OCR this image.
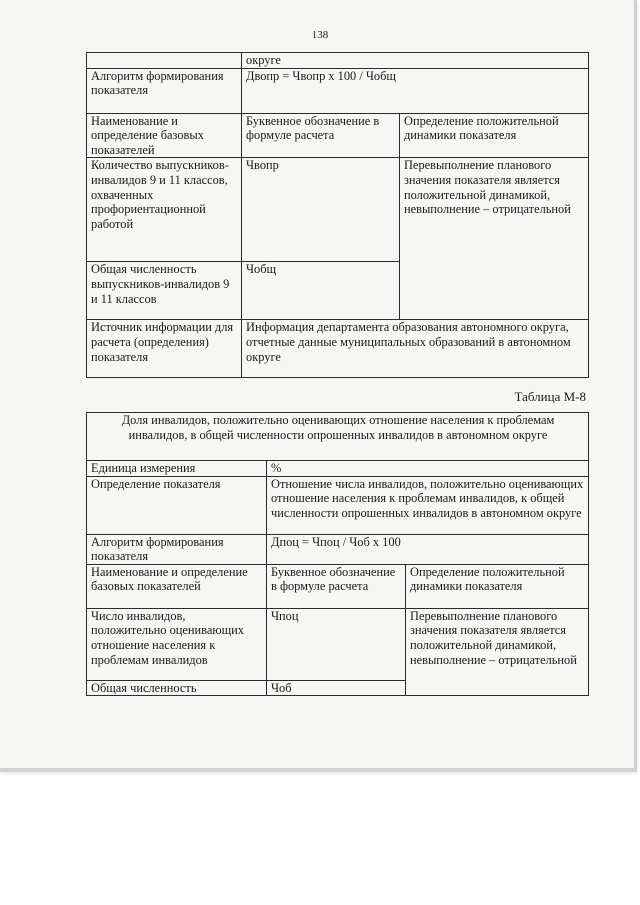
138
	округе	
Алгоритм формирования показателя	Двопр = Чвопр х 100 / Чобщ	
Наименование и определение базовых показателей	Буквенное обозначение в формуле расчета	Определение положительной динамики показателя
Количество выпускников-инвалидов 9 и 11 классов, охваченных профориентационной работой	Чвопр	Перевыполнение планового значения показателя является положительной динамикой, невыполнение – отрицательной
Общая численность выпускников-инвалидов 9 и 11 классов	Чобщ	
Источник информации для расчета (определения) показателя	Информация департамента образования автономного округа, отчетные данные муниципальных образований в автономном округе	
Таблица М-8
Доля инвалидов, положительно оценивающих отношение населения к проблемам инвалидов, в общей численности опрошенных инвалидов в автономном округе		
Единица измерения	%	
Определение показателя	Отношение числа инвалидов, положительно оценивающих отношение населения к проблемам инвалидов, к общей численности опрошенных инвалидов в автономном округе	
Алгоритм формирования показателя	Дпоц = Чпоц / Чоб х 100	
Наименование и определение базовых показателей	Буквенное обозначение в формуле расчета	Определение положительной динамики показателя
Число инвалидов, положительно оценивающих отношение населения к проблемам инвалидов	Чпоц	Перевыполнение планового значения показателя является положительной динамикой, невыполнение – отрицательной
Общая численность	Чоб	
